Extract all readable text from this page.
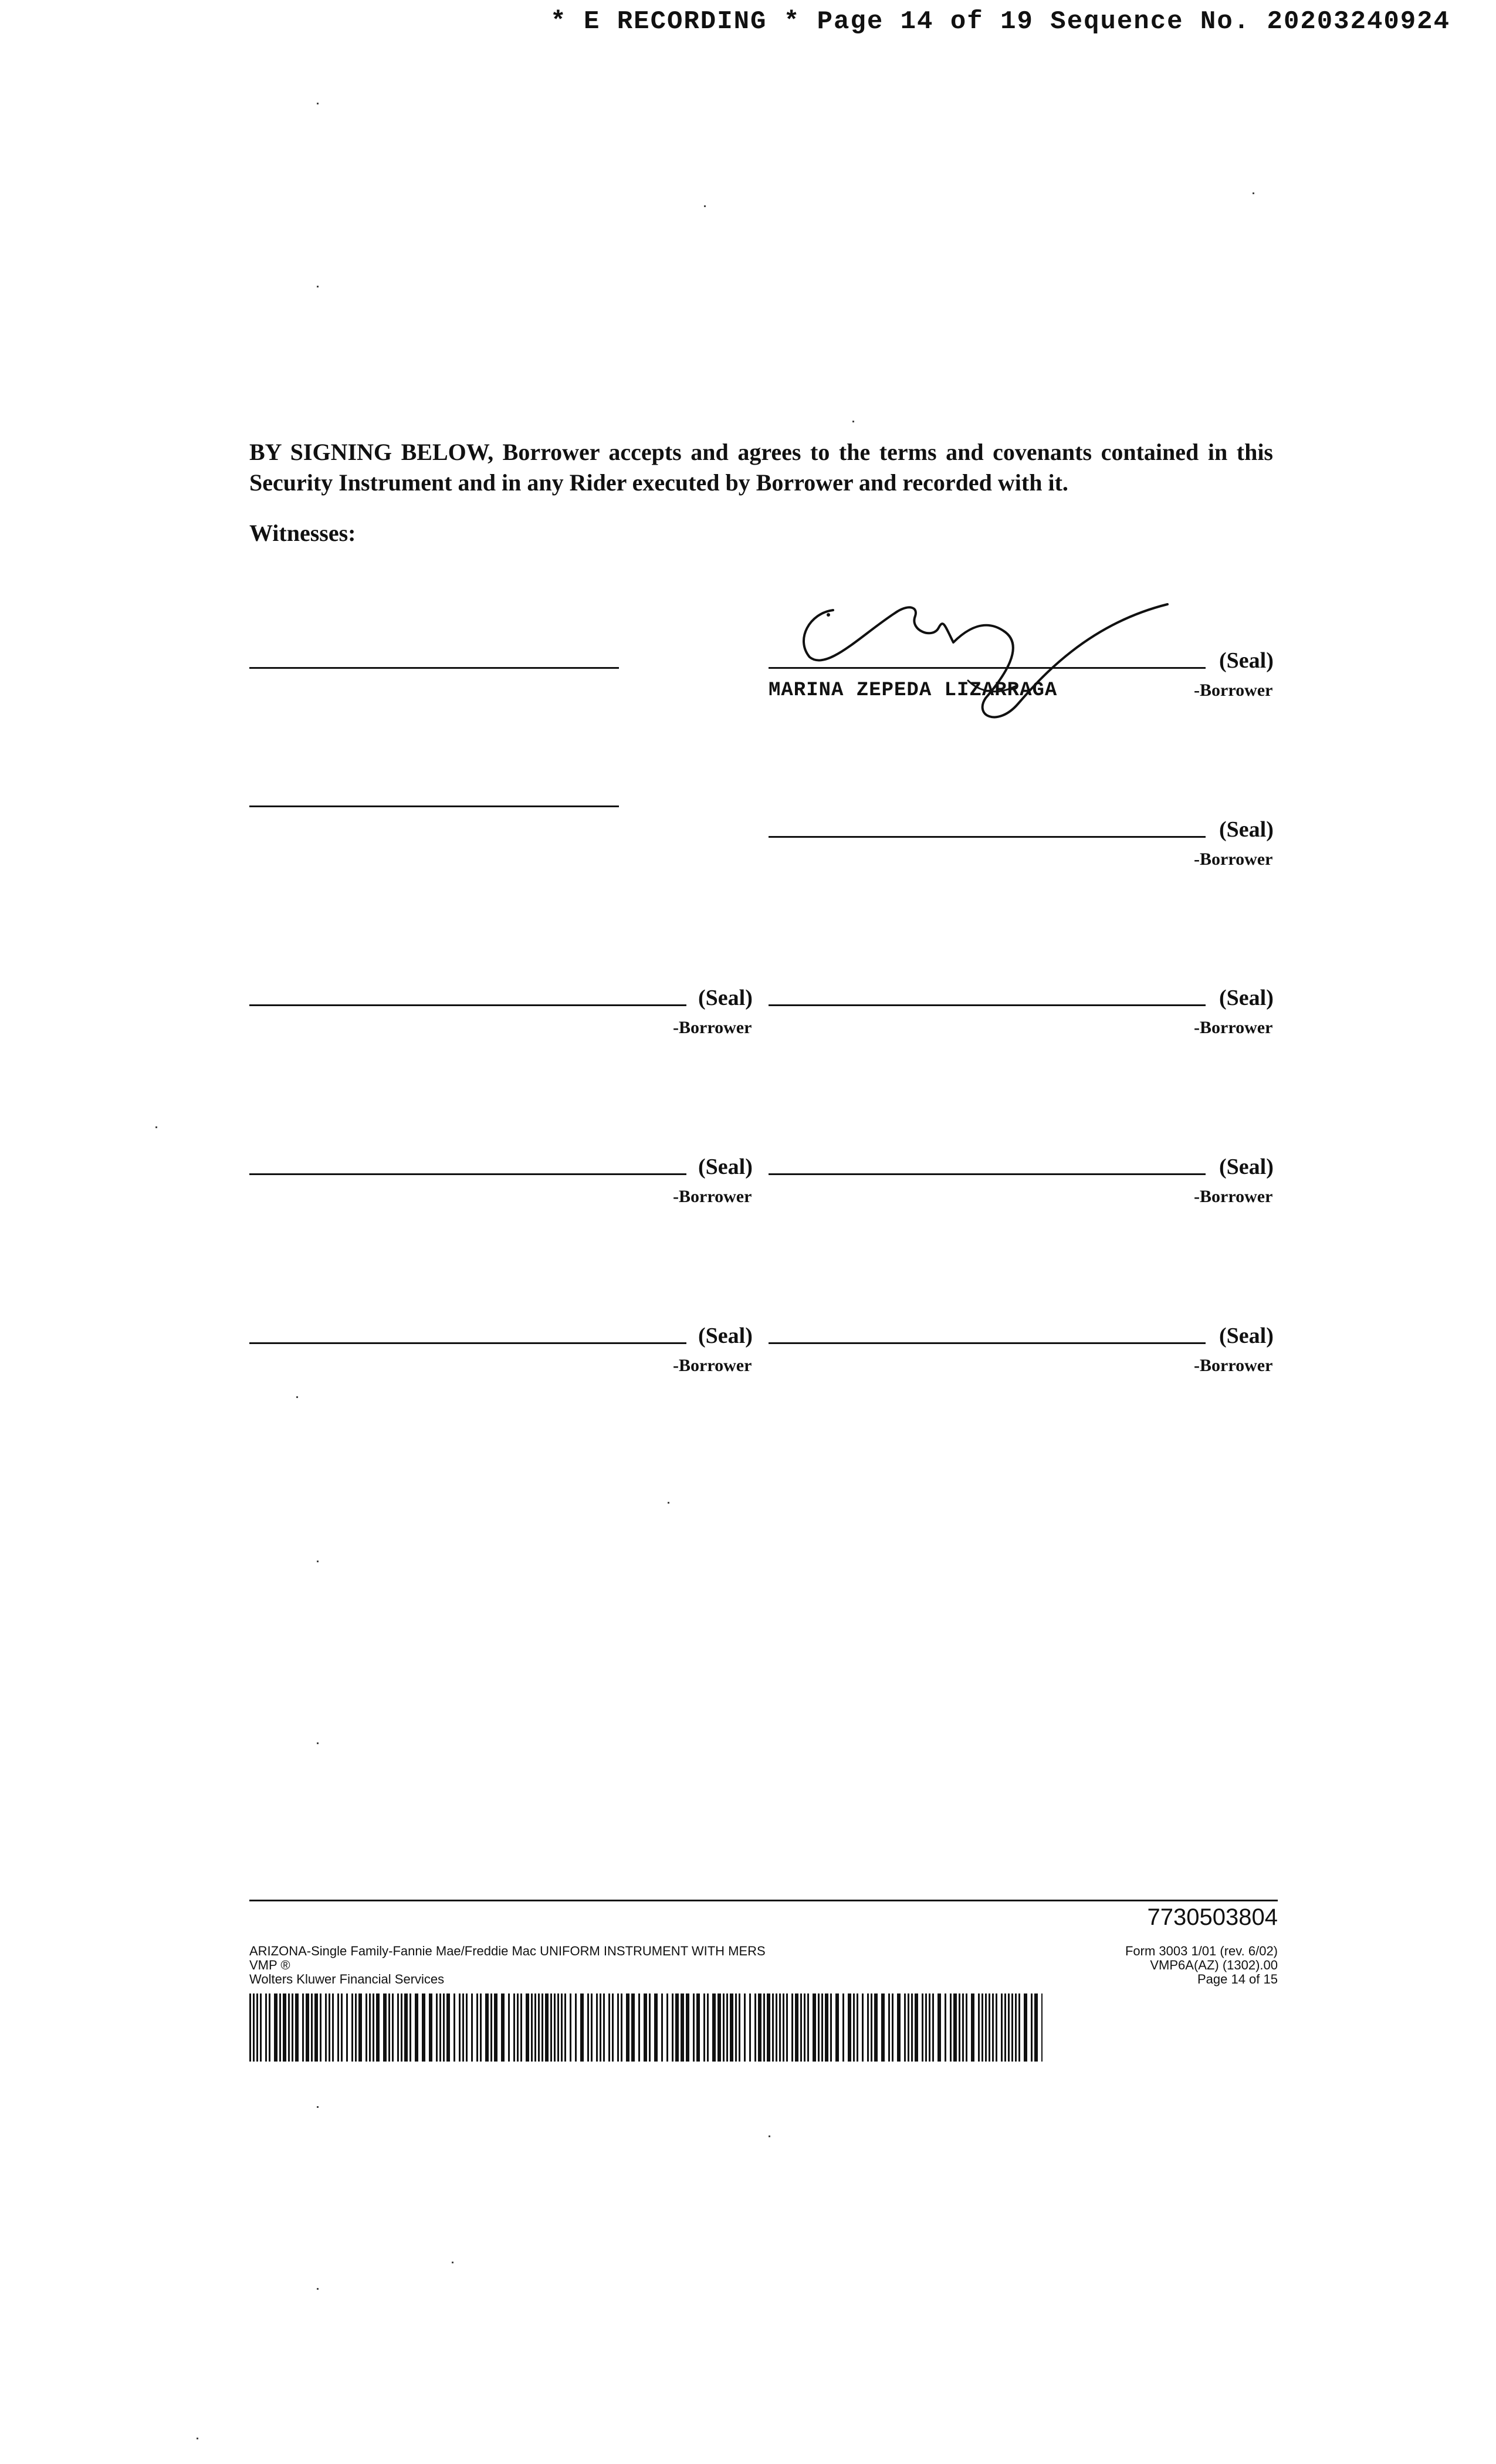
* E RECORDING * Page 14 of 19 Sequence No. 20203240924
BY SIGNING BELOW, Borrower accepts and agrees to the terms and covenants contained in this Security Instrument and in any Rider executed by Borrower and recorded with it.
Witnesses:
(Seal)
-Borrower
MARINA ZEPEDA LIZARRAGA
(Seal)
-Borrower
(Seal)
-Borrower
(Seal)
-Borrower
(Seal)
-Borrower
(Seal)
-Borrower
(Seal)
-Borrower
(Seal)
-Borrower
7730503804
ARIZONA-Single Family-Fannie Mae/Freddie Mac UNIFORM INSTRUMENT WITH MERS
VMP ®
Wolters Kluwer Financial Services
Form 3003 1/01 (rev. 6/02)
VMP6A(AZ) (1302).00
Page 14 of 15
